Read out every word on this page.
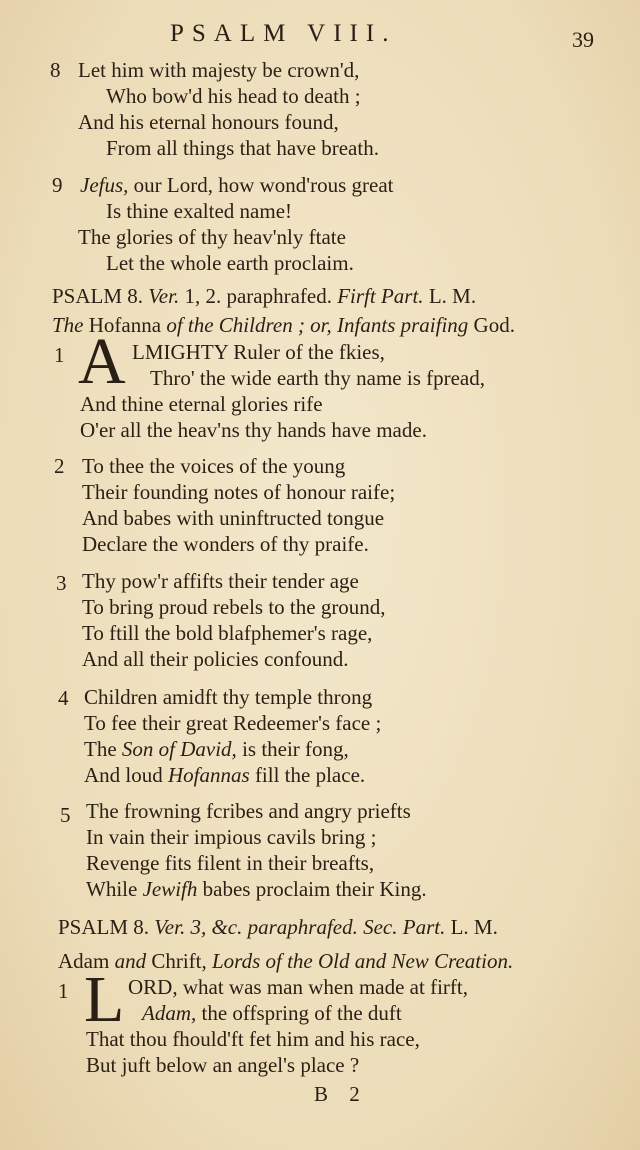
PSALM VIII.	39
8 Let him with majesty be crown'd,
Who bow'd his head to death ;
And his eternal honours found,
From all things that have breath.
9 Jefus, our Lord, how wond'rous great
Is thine exalted name!
The glories of thy heav'nly ftate
Let the whole earth proclaim.
PSALM 8. Ver. 1, 2. paraphrafed. Firft Part. L. M.
The Hofanna of the Children ; or, Infants praifing God.
1 A LMIGHTY Ruler of the fkies,
Thro' the wide earth thy name is fpread,
And thine eternal glories rife
O'er all the heav'ns thy hands have made.
2 To thee the voices of the young
Their founding notes of honour raife;
And babes with uninftructed tongue
Declare the wonders of thy praife.
3 Thy pow'r affifts their tender age
To bring proud rebels to the ground,
To ftill the bold blafphemer's rage,
And all their policies confound.
4 Children amidft thy temple throng
To fee their great Redeemer's face ;
The Son of David, is their fong,
And loud Hofannas fill the place.
5 The frowning fcribes and angry priefts
In vain their impious cavils bring ;
Revenge fits filent in their breafts,
While Jewifh babes proclaim their King.
PSALM 8. Ver. 3, &c. paraphrafed. Sec. Part. L. M.
Adam and Chrift, Lords of the Old and New Creation.
1 L ORD, what was man when made at firft,
Adam, the offspring of the duft
That thou fhould'ft fet him and his race,
But juft below an angel's place ?
B 2
